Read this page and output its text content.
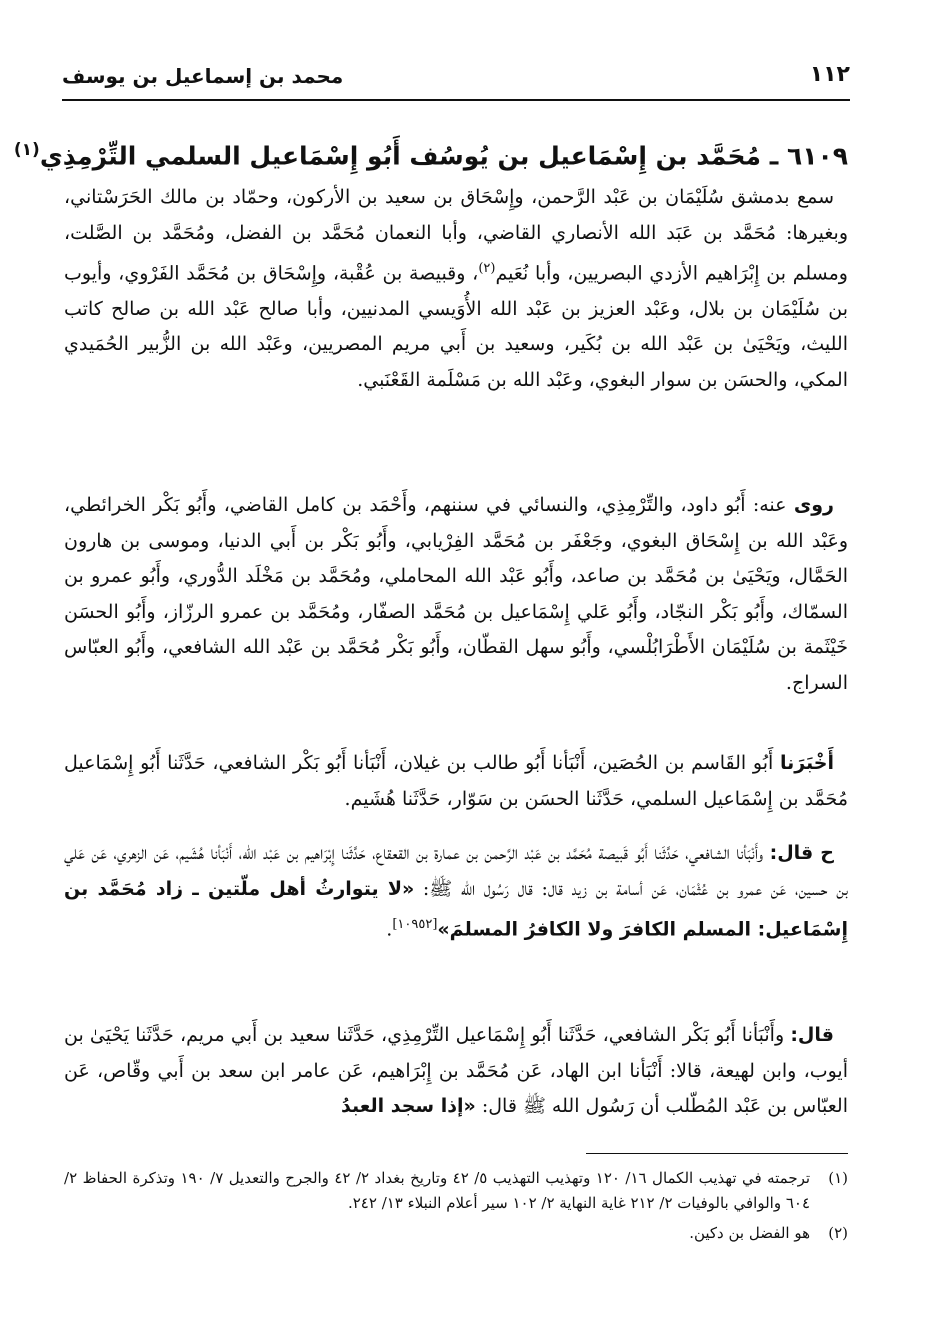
محمد بن إسماعيل بن يوسف	١١٢
٦١٠٩ ـ مُحَمَّد بن إِسْمَاعيل بن يُوسُف أَبُو إِسْمَاعيل السلمي التِّرْمِذِي$^{(١)}$
سمع بدمشق سُلَيْمَان بن عَبْد الرَّحمن، وإِسْحَاق بن سعيد بن الأركون، وحمّاد بن مالك الحَرَسْتاني، وبغيرها: مُحَمَّد بن عَبَد الله الأنصاري القاضي، وأبا النعمان مُحَمَّد بن الفضل، ومُحَمَّد بن الصَّلت، ومسلم بن إِبْرَاهيم الأزدي البصريين، وأبا نُعَيم$^{(٢)}$، وقبيصة بن عُقْبة، وإِسْحَاق بن مُحَمَّد الفَرْوي، وأيوب بن سُلَيْمَان بن بلال، وعَبْد العزيز بن عَبْد الله الأُوَيسي المدنيين، وأبا صالح عَبْد الله بن صالح كاتب الليث، ويَحْيَىٰ بن عَبْد الله بن بُكَير، وسعيد بن أَبي مريم المصريين، وعَبْد الله بن الزُّبير الحُمَيدي المكي، والحسَن بن سوار البغوي، وعَبْد الله بن مَسْلَمة القَعْنَبي.
روى عنه: أَبُو داود، والتِّرْمِذِي، والنسائي في سننهم، وأَحْمَد بن كامل القاضي، وأَبُو بَكْر الخرائطي، وعَبْد الله بن إِسْحَاق البغوي، وجَعْفَر بن مُحَمَّد الفِرْيابي، وأَبُو بَكْر بن أَبي الدنيا، وموسى بن هارون الحَمَّال، ويَحْيَىٰ بن مُحَمَّد بن صاعد، وأَبُو عَبْد الله المحاملي، ومُحَمَّد بن مَخْلَد الدُّوري، وأَبُو عمرو بن السمّاك، وأَبُو بَكْر النجّاد، وأَبُو عَلي إِسْمَاعيل بن مُحَمَّد الصفّار، ومُحَمَّد بن عمرو الرزّاز، وأَبُو الحسَن خَيْثَمة بن سُلَيْمَان الأَطْرَابُلْسي، وأَبُو سهل القطّان، وأَبُو بَكْر مُحَمَّد بن عَبْد الله الشافعي، وأَبُو العبّاس السراج.
أَخْبَرَنا أَبُو القَاسم بن الحُصَين، أَنْبَأنا أَبُو طالب بن غيلان، أَنْبَأنا أَبُو بَكْر الشافعي، حَدَّثَنا أَبُو إِسْمَاعيل مُحَمَّد بن إِسْمَاعيل السلمي، حَدَّثَنا الحسَن بن سَوّار، حَدَّثَنا هُشَيم.
ح قال: وأَنْبَأنا الشافعي، حَدَّثَنا أَبُو قَبيصة مُحَمَّد بن عَبْد الرَّحمن بن عمارة بن القعقاع، حَدَّثَنا إِبْرَاهيم بن عَبْد الله، أَنْبَأنا هُشَيم، عَن الزهري، عَن عَلي بن حسين، عَن عمرو بن عُثْمَان، عَن أسامة بن زيد قال: قال رَسُول الله ﷺ: «لا يتوارثُ أهل ملّتين ـ زاد مُحَمَّد بن إِسْمَاعيل: المسلم الكافرَ ولا الكافرُ المسلمَ»[١٠٩٥٢].
قال: وأَنْبَأنا أَبُو بَكْر الشافعي، حَدَّثَنا أَبُو إِسْمَاعيل التِّرْمِذِي، حَدَّثَنا سعيد بن أَبي مريم، حَدَّثَنا يَحْيَىٰ بن أيوب، وابن لهيعة، قالا: أَنْبَأنا ابن الهاد، عَن مُحَمَّد بن إِبْرَاهيم، عَن عامر ابن سعد بن أَبي وقّاص، عَن العبّاس بن عَبْد المُطّلب أن رَسُول الله ﷺ قال: «إذا سجد العبدُ
(١)
ترجمته في تهذيب الكمال ١٦/ ١٢٠ وتهذيب التهذيب ٥/ ٤٢ وتاريخ بغداد ٢/ ٤٢ والجرح والتعديل ٧/ ١٩٠ وتذكرة الحفاظ ٢/ ٦٠٤ والوافي بالوفيات ٢/ ٢١٢ غاية النهاية ٢/ ١٠٢ سير أعلام النبلاء ١٣/ ٢٤٢.
(٢)
هو الفضل بن دكين.
